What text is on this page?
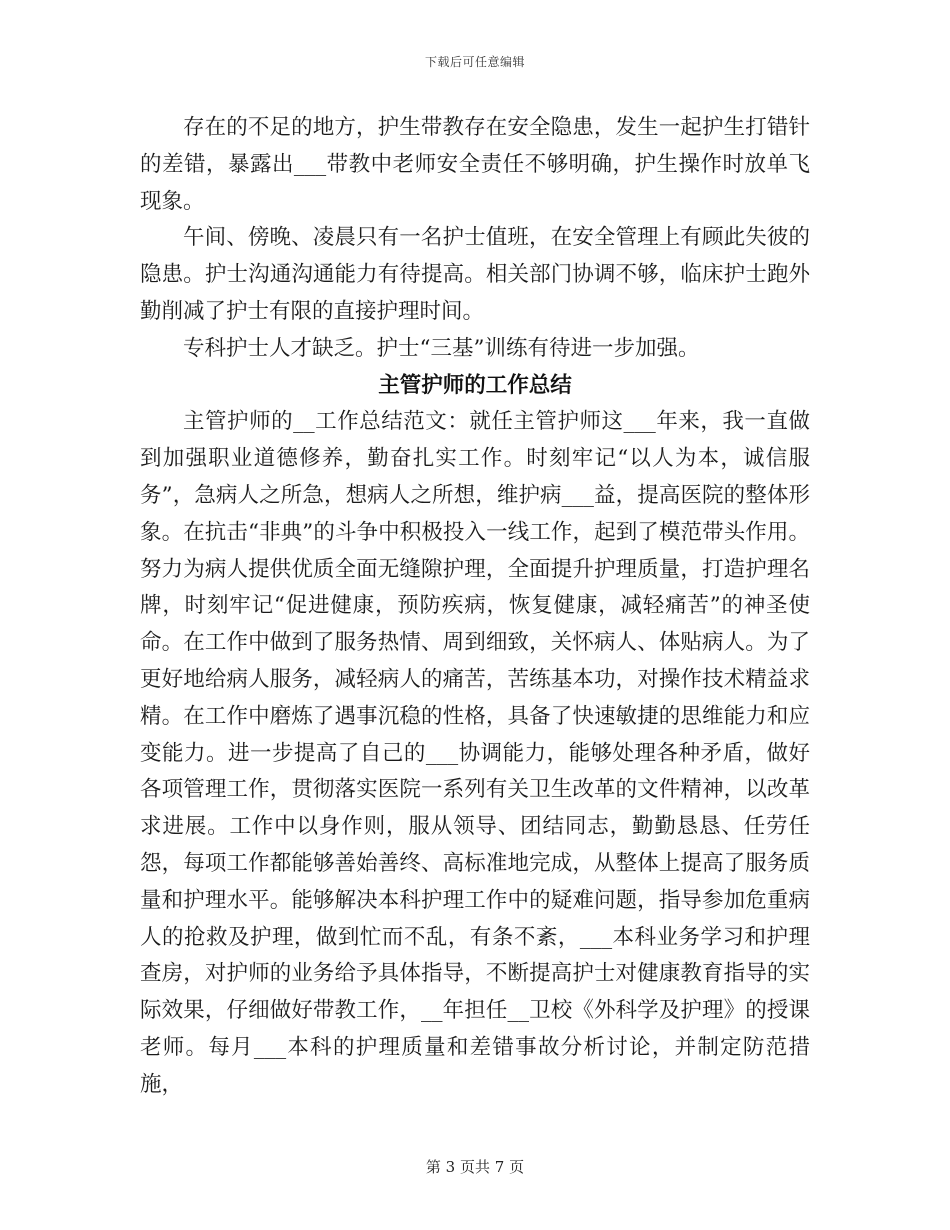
下载后可任意编辑

存在的不足的地方，护生带教存在安全隐患，发生一起护生打错针的差错，暴露出___带教中老师安全责任不够明确，护生操作时放单飞现象。

午间、傍晚、凌晨只有一名护士值班，在安全管理上有顾此失彼的隐患。护士沟通沟通能力有待提高。相关部门协调不够，临床护士跑外勤削减了护士有限的直接护理时间。

专科护士人才缺乏。护士“三基”训练有待进一步加强。

主管护师的工作总结

主管护师的__工作总结范文：就任主管护师这___年来，我一直做到加强职业道德修养，勤奋扎实工作。时刻牢记“以人为本，诚信服务”，急病人之所急，想病人之所想，维护病___益，提高医院的整体形象。在抗击“非典”的斗争中积极投入一线工作，起到了模范带头作用。努力为病人提供优质全面无缝隙护理，全面提升护理质量，打造护理名牌，时刻牢记“促进健康，预防疾病，恢复健康，减轻痛苦”的神圣使命。在工作中做到了服务热情、周到细致，关怀病人、体贴病人。为了更好地给病人服务，减轻病人的痛苦，苦练基本功，对操作技术精益求精。在工作中磨炼了遇事沉稳的性格，具备了快速敏捷的思维能力和应变能力。进一步提高了自己的___协调能力，能够处理各种矛盾，做好各项管理工作，贯彻落实医院一系列有关卫生改革的文件精神，以改革求进展。工作中以身作则，服从领导、团结同志，勤勤恳恳、任劳任怨，每项工作都能够善始善终、高标准地完成，从整体上提高了服务质量和护理水平。能够解决本科护理工作中的疑难问题，指导参加危重病人的抢救及护理，做到忙而不乱，有条不紊，___本科业务学习和护理查房，对护师的业务给予具体指导，不断提高护士对健康教育指导的实际效果，仔细做好带教工作，__年担任__卫校《外科学及护理》的授课老师。每月___本科的护理质量和差错事故分析讨论，并制定防范措施，

第 3 页共 7 页
